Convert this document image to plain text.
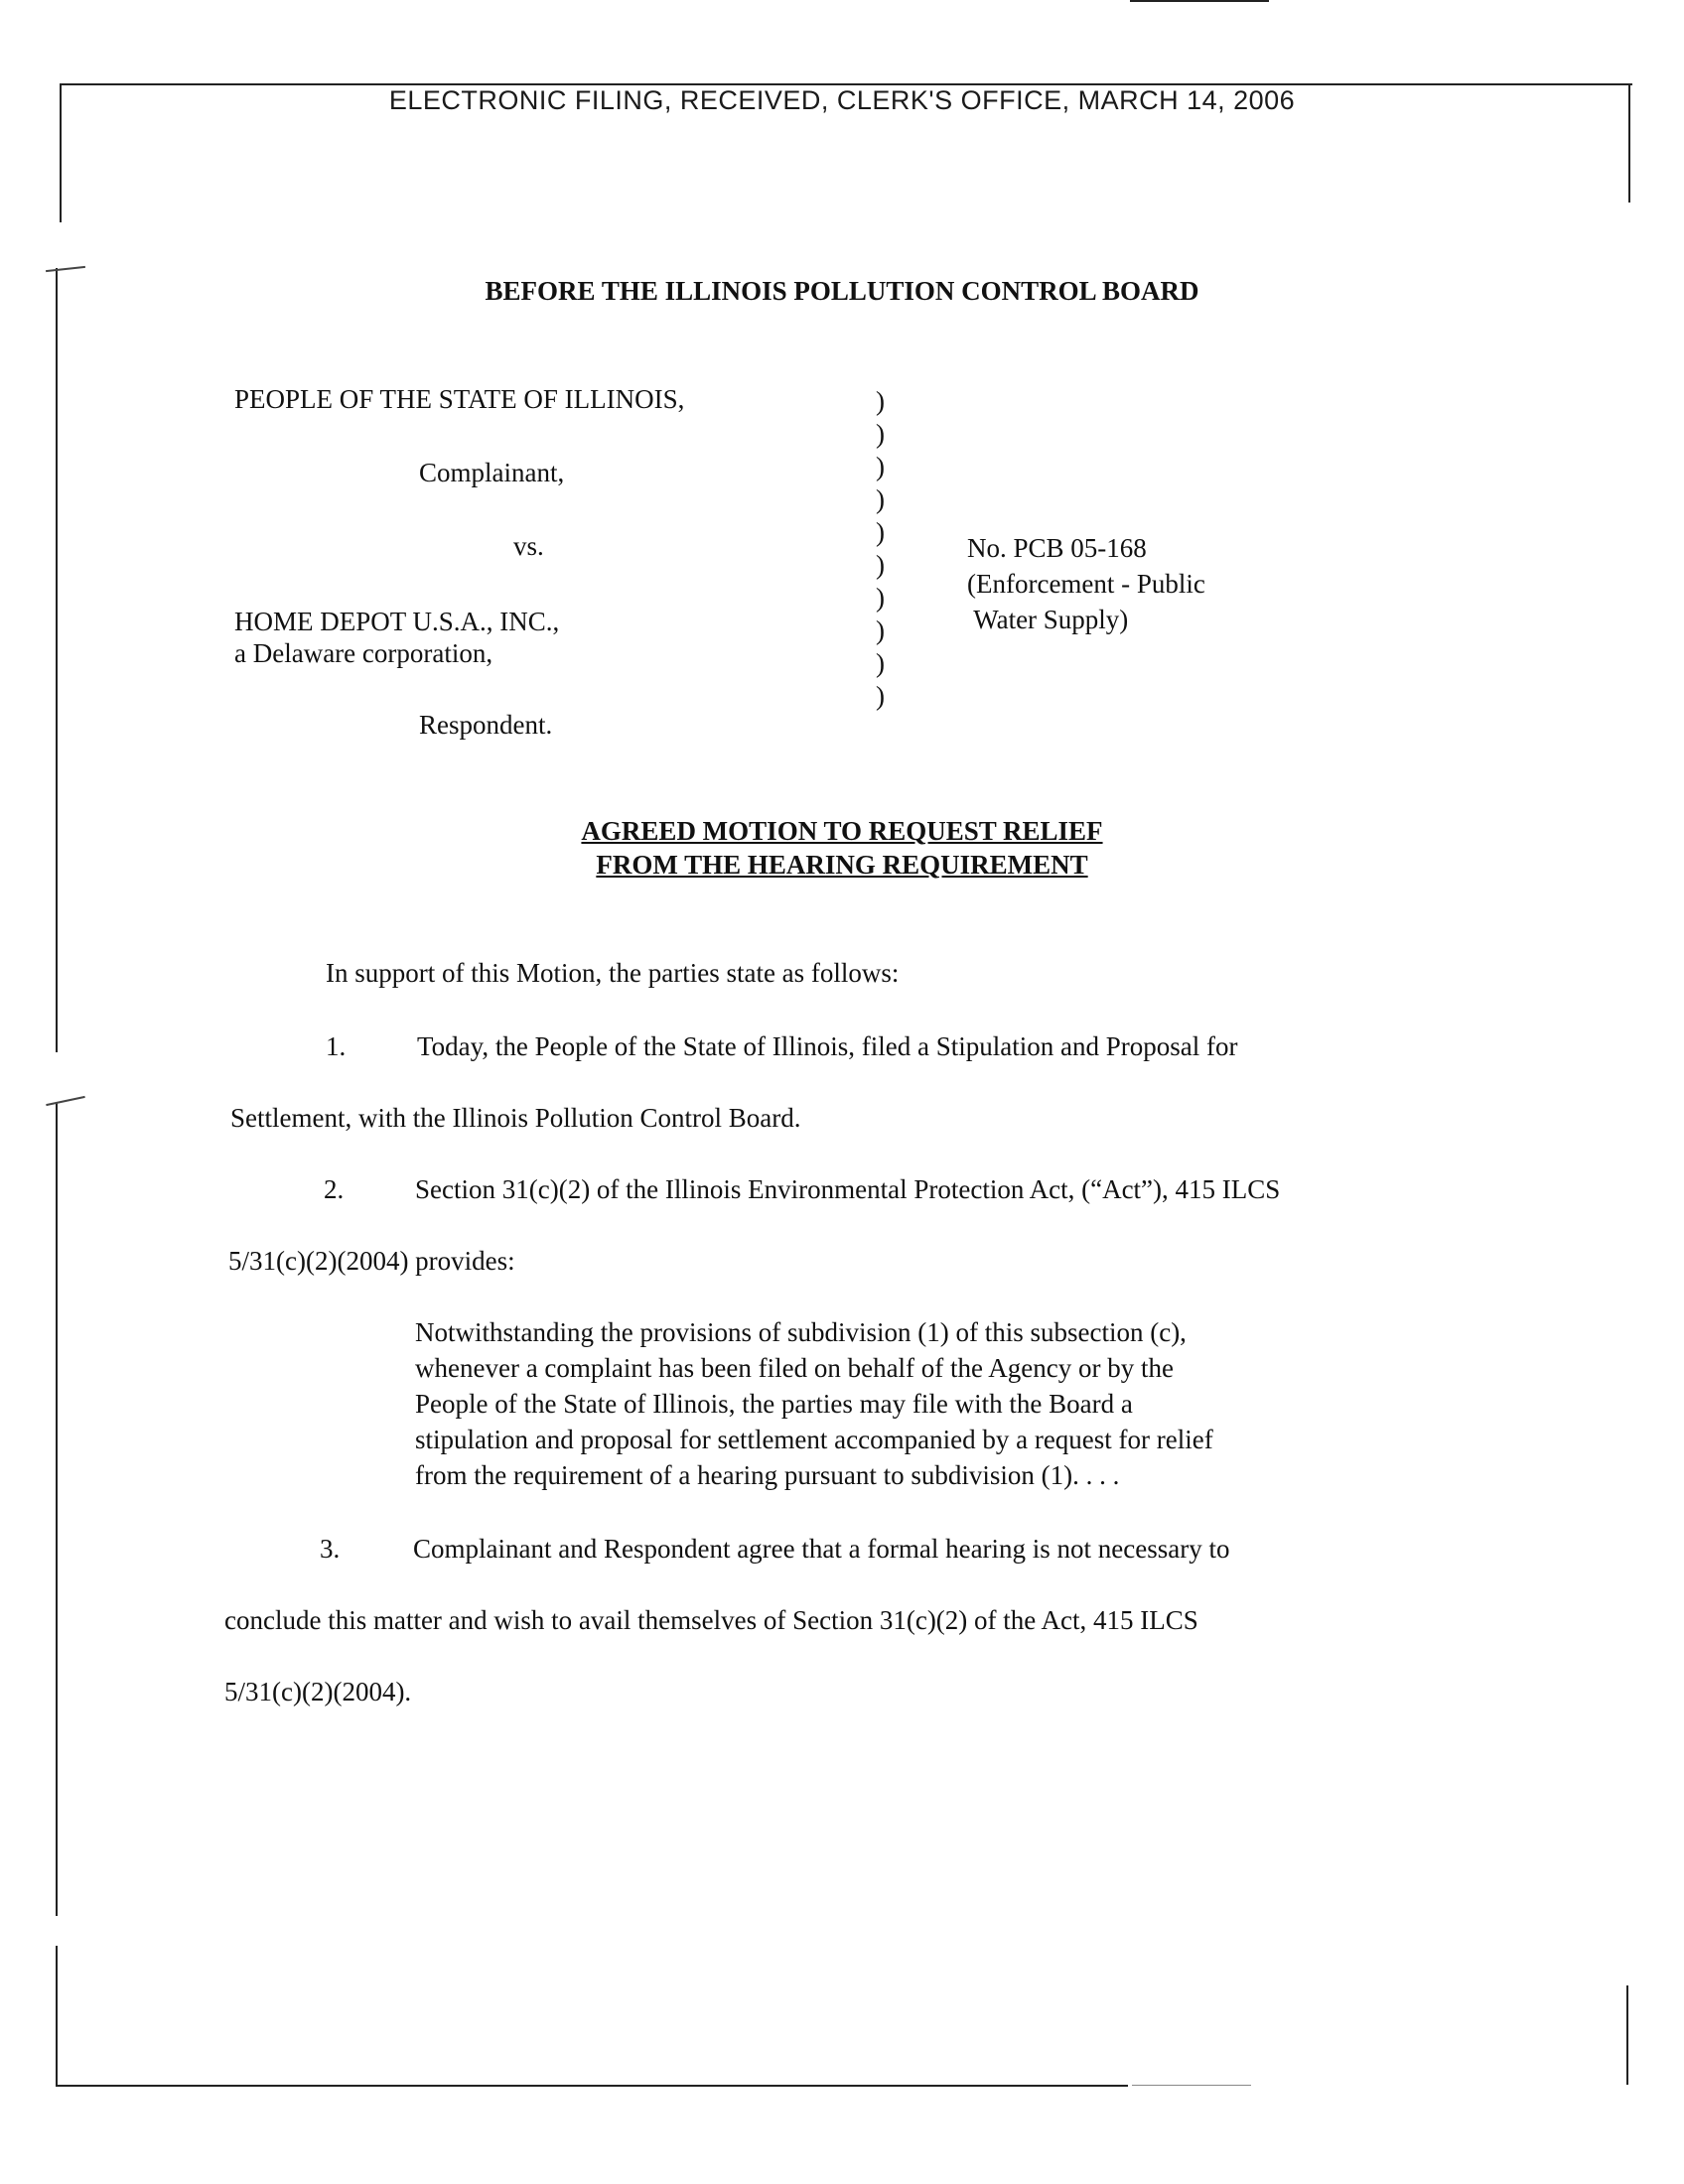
ELECTRONIC FILING, RECEIVED, CLERK'S OFFICE, MARCH 14, 2006
BEFORE THE ILLINOIS POLLUTION CONTROL BOARD
PEOPLE OF THE STATE OF ILLINOIS,
Complainant,
vs.
HOME DEPOT U.S.A., INC.,
a Delaware corporation,
Respondent.
)
)
)
)
)
)
)
)
)
)
No. PCB 05-168
(Enforcement - Public
Water Supply)
AGREED MOTION TO REQUEST RELIEF
FROM THE HEARING REQUIREMENT
In support of this Motion, the parties state as follows:
1.	Today, the People of the State of Illinois, filed a Stipulation and Proposal for
Settlement, with the Illinois Pollution Control Board.
2.	Section 31(c)(2) of the Illinois Environmental Protection Act, (“Act”), 415 ILCS
5/31(c)(2)(2004) provides:
Notwithstanding the provisions of subdivision (1) of this subsection (c),
whenever a complaint has been filed on behalf of the Agency or by the
People of the State of Illinois, the parties may file with the Board a
stipulation and proposal for settlement accompanied by a request for relief
from the requirement of a hearing pursuant to subdivision (1). . . .
3.	Complainant and Respondent agree that a formal hearing is not necessary to
conclude this matter and wish to avail themselves of Section 31(c)(2) of the Act, 415 ILCS
5/31(c)(2)(2004).
